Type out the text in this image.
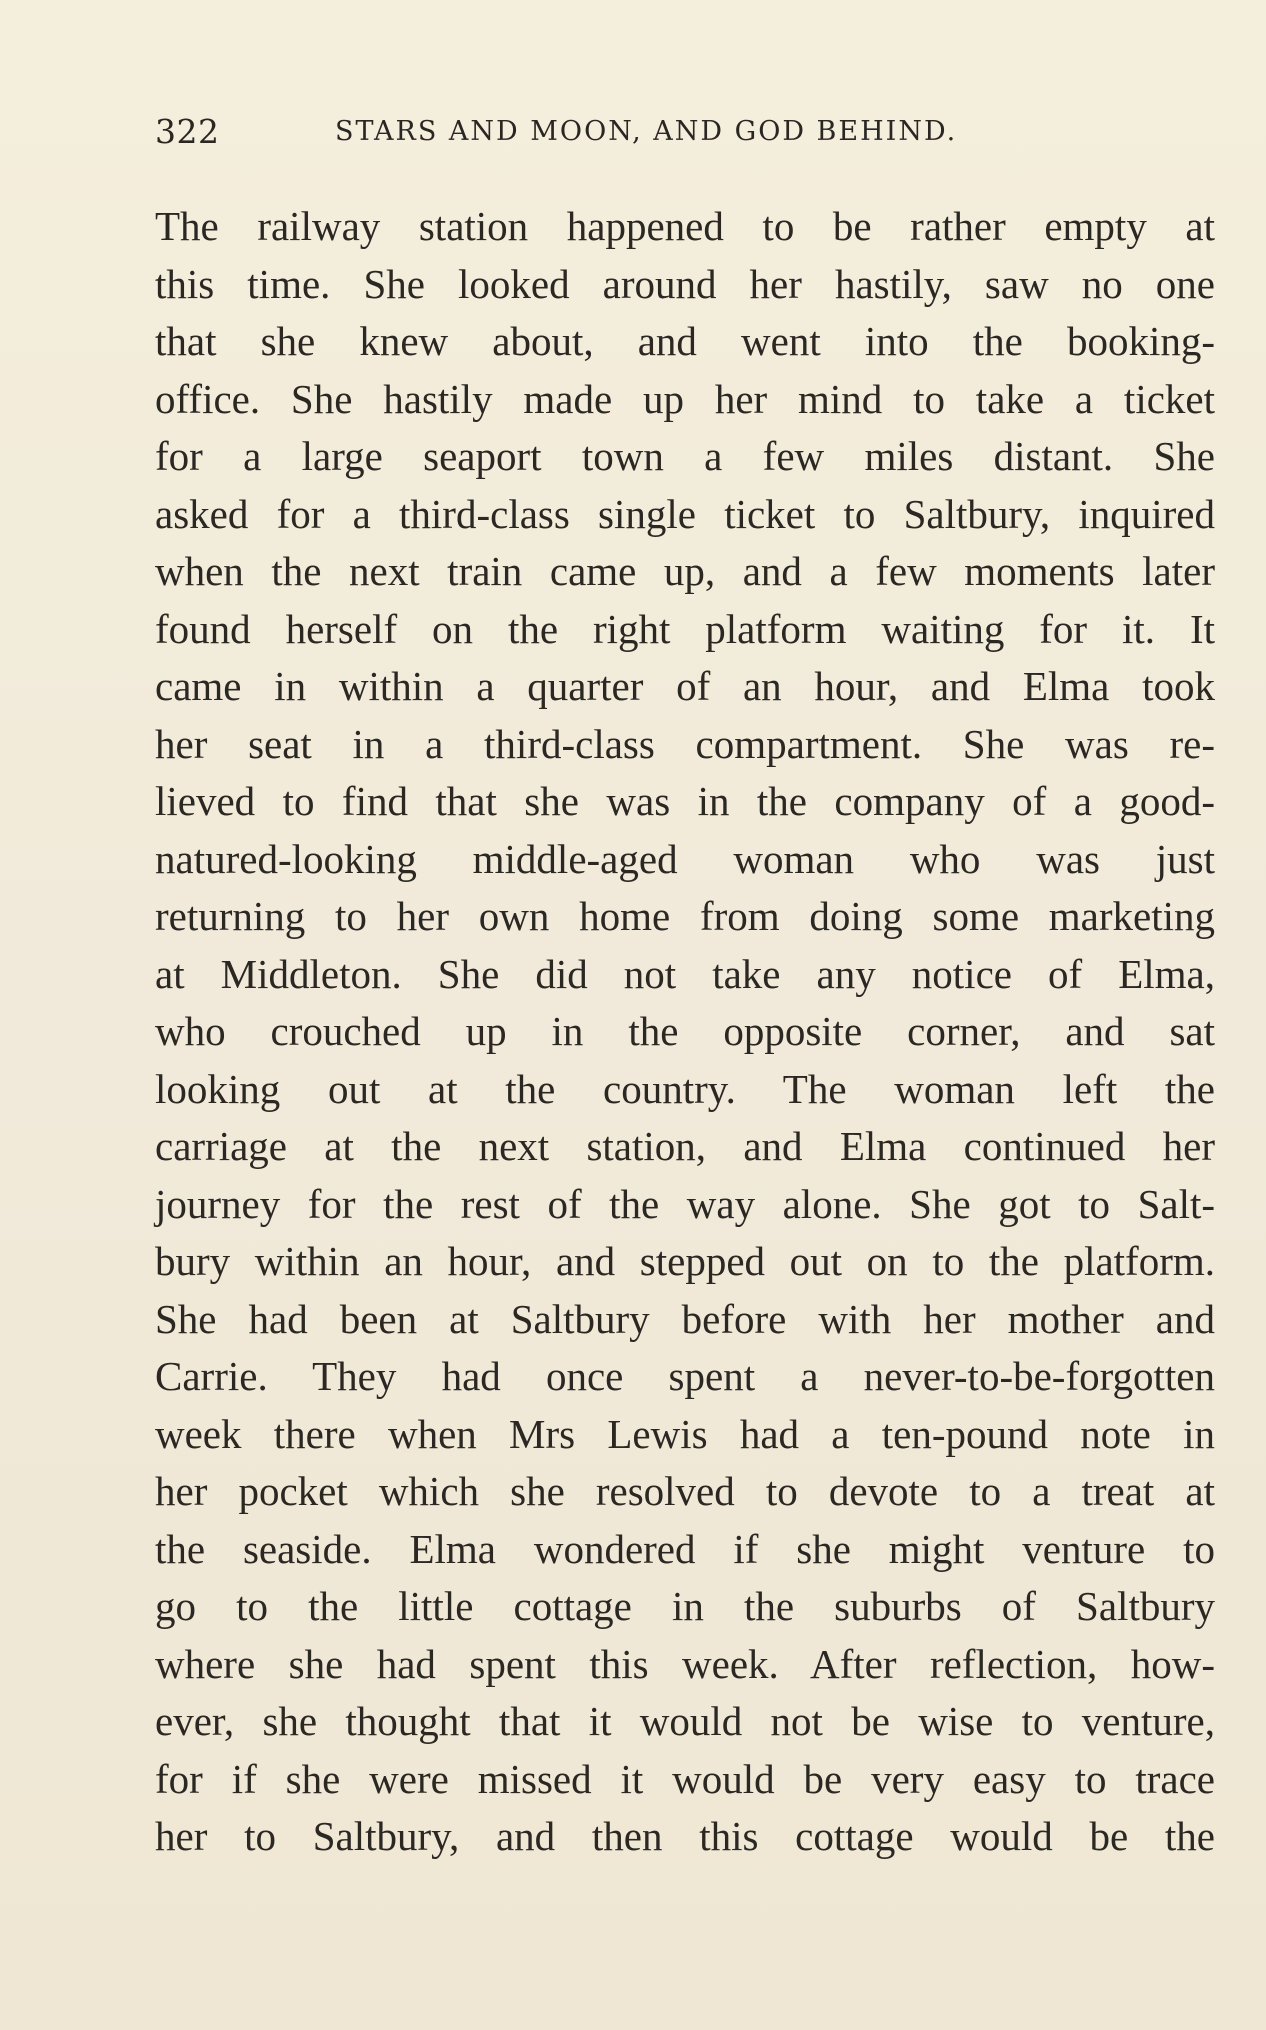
322	STARS AND MOON, AND GOD BEHIND.
The railway station happened to be rather empty at
this time. She looked around her hastily, saw no one
that she knew about, and went into the booking-
office. She hastily made up her mind to take a ticket
for a large seaport town a few miles distant. She
asked for a third-class single ticket to Saltbury, inquired
when the next train came up, and a few moments later
found herself on the right platform waiting for it. It
came in within a quarter of an hour, and Elma took
her seat in a third-class compartment. She was re-
lieved to find that she was in the company of a good-
natured-looking middle-aged woman who was just
returning to her own home from doing some marketing
at Middleton. She did not take any notice of Elma,
who crouched up in the opposite corner, and sat
looking out at the country. The woman left the
carriage at the next station, and Elma continued her
journey for the rest of the way alone. She got to Salt-
bury within an hour, and stepped out on to the platform.
She had been at Saltbury before with her mother and
Carrie. They had once spent a never-to-be-forgotten
week there when Mrs Lewis had a ten-pound note in
her pocket which she resolved to devote to a treat at
the seaside. Elma wondered if she might venture to
go to the little cottage in the suburbs of Saltbury
where she had spent this week. After reflection, how-
ever, she thought that it would not be wise to venture,
for if she were missed it would be very easy to trace
her to Saltbury, and then this cottage would be the
